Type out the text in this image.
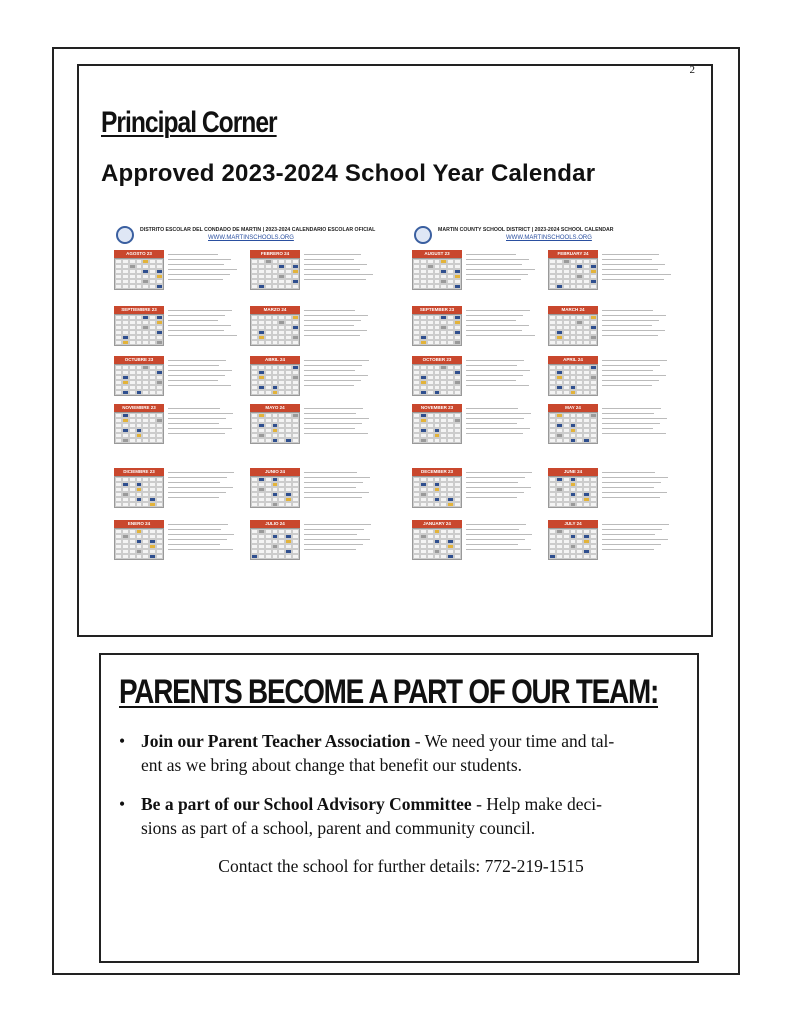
2
Principal Corner
Approved 2023-2024 School Year Calendar
DISTRITO ESCOLAR DEL CONDADO DE MARTIN | 2023-2024 CALENDARIO ESCOLAR OFICIAL
WWW.MARTINSCHOOLS.ORG
AGOSTO 23	FEBRERO 24
SEPTIEMBRE 23	MARZO 24
OCTUBRE 23	ABRIL 24
NOVIEMBRE 23	MAYO 24
DICIEMBRE 23	JUNIO 24
ENERO 24	JULIO 24
MARTIN COUNTY SCHOOL DISTRICT | 2023-2024 SCHOOL CALENDAR
WWW.MARTINSCHOOLS.ORG
AUGUST 23	FEBRUARY 24
SEPTEMBER 23	MARCH 24
OCTOBER 23	APRIL 24
NOVEMBER 23	MAY 24
DECEMBER 23	JUNE 24
JANUARY 24	JULY 24
PARENTS BECOME A PART OF OUR TEAM:
• Join our Parent Teacher Association - We need your time and tal-
ent as we bring about change that benefit our students.
• Be a part of our School Advisory Committee - Help make deci-
sions as part of a school, parent and community council.
Contact the school for further details: 772-219-1515
